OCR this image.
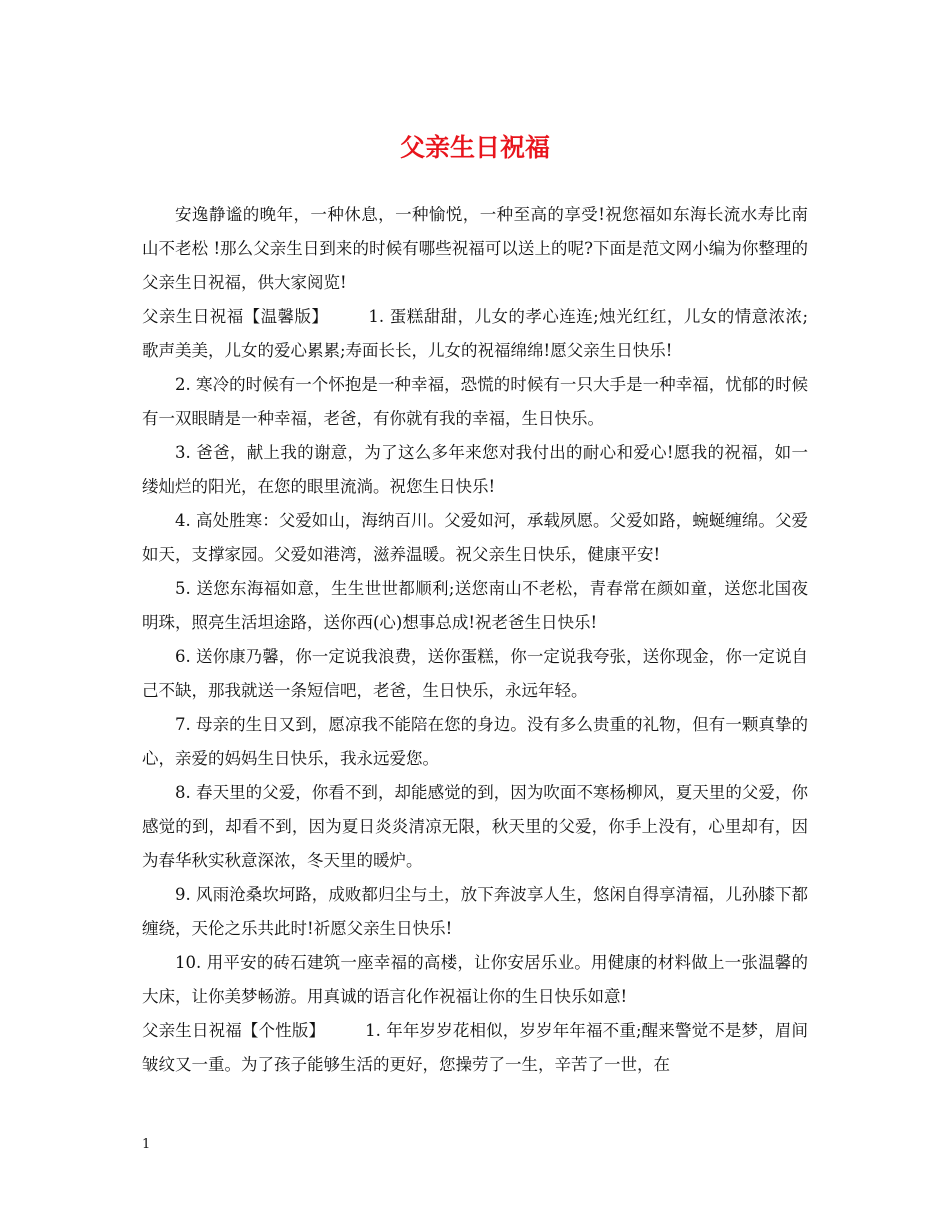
父亲生日祝福

安逸静谧的晚年，一种休息，一种愉悦，一种至高的享受!祝您福如东海长流水寿比南山不老松 !那么父亲生日到来的时候有哪些祝福可以送上的呢?下面是范文网小编为你整理的父亲生日祝福，供大家阅览!

父亲生日祝福【温馨版】 1. 蛋糕甜甜，儿女的孝心连连;烛光红红，儿女的情意浓浓;歌声美美，儿女的爱心累累;寿面长长，儿女的祝福绵绵!愿父亲生日快乐!

2. 寒冷的时候有一个怀抱是一种幸福，恐慌的时候有一只大手是一种幸福，忧郁的时候有一双眼睛是一种幸福，老爸，有你就有我的幸福，生日快乐。

3. 爸爸，献上我的谢意，为了这么多年来您对我付出的耐心和爱心!愿我的祝福，如一缕灿烂的阳光，在您的眼里流淌。祝您生日快乐!

4. 高处胜寒：父爱如山，海纳百川。父爱如河，承载夙愿。父爱如路，蜿蜒缠绵。父爱如天，支撑家园。父爱如港湾，滋养温暖。祝父亲生日快乐，健康平安!

5. 送您东海福如意，生生世世都顺利;送您南山不老松，青春常在颜如童，送您北国夜明珠，照亮生活坦途路，送你西(心)想事总成!祝老爸生日快乐!

6. 送你康乃馨，你一定说我浪费，送你蛋糕，你一定说我夸张，送你现金，你一定说自己不缺，那我就送一条短信吧，老爸，生日快乐，永远年轻。

7. 母亲的生日又到，愿凉我不能陪在您的身边。没有多么贵重的礼物，但有一颗真挚的心，亲爱的妈妈生日快乐，我永远爱您。

8. 春天里的父爱，你看不到，却能感觉的到，因为吹面不寒杨柳风，夏天里的父爱，你感觉的到，却看不到，因为夏日炎炎清凉无限，秋天里的父爱，你手上没有，心里却有，因为春华秋实秋意深浓，冬天里的暖炉。

9. 风雨沧桑坎坷路，成败都归尘与土，放下奔波享人生，悠闲自得享清福，儿孙膝下都缠绕，天伦之乐共此时!祈愿父亲生日快乐!

10. 用平安的砖石建筑一座幸福的高楼，让你安居乐业。用健康的材料做上一张温馨的大床，让你美梦畅游。用真诚的语言化作祝福让你的生日快乐如意!

父亲生日祝福【个性版】 1. 年年岁岁花相似，岁岁年年福不重;醒来警觉不是梦，眉间皱纹又一重。为了孩子能够生活的更好，您操劳了一生，辛苦了一世，在

1
